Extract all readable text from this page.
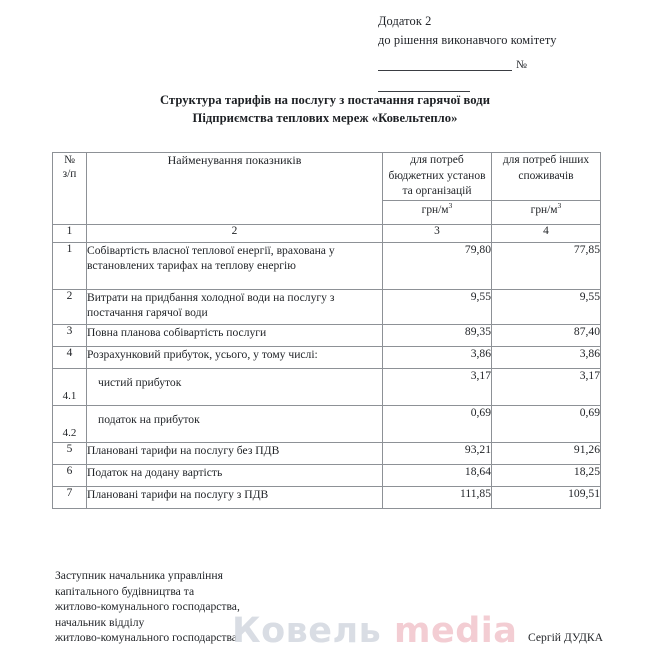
Додаток 2
до рішення виконавчого комітету
№
Структура тарифів на послугу з постачання гарячої води
Підприємства теплових мереж «Ковельтепло»
№
з/п	Найменування показників	для потреб бюджетних установ та організацій	для потреб інших споживачів
		грн/$м^3$	грн/$м^3$
1	2	3	4
1	Собівартість власної теплової енергії, врахована у встановлених тарифах на теплову енергію	79,80	77,85
2	Витрати на придбання холодної води на послугу з постачання гарячої води	9,55	9,55
3	Повна планова собівартість послуги	89,35	87,40
4	Розрахунковий прибуток, усього, у тому числі:	3,86	3,86
4.1	чистий прибуток	3,17	3,17
4.2	податок на прибуток	0,69	0,69
5	Плановані тарифи на послугу без ПДВ	93,21	91,26
6	Податок на додану вартість	18,64	18,25
7	Плановані тарифи на послугу з ПДВ	111,85	109,51
Заступник начальника управління
капітального будівництва та
житлово-комунального господарства,
начальник відділу
житлово-комунального господарства	Сергій ДУДКА
Ковель media
